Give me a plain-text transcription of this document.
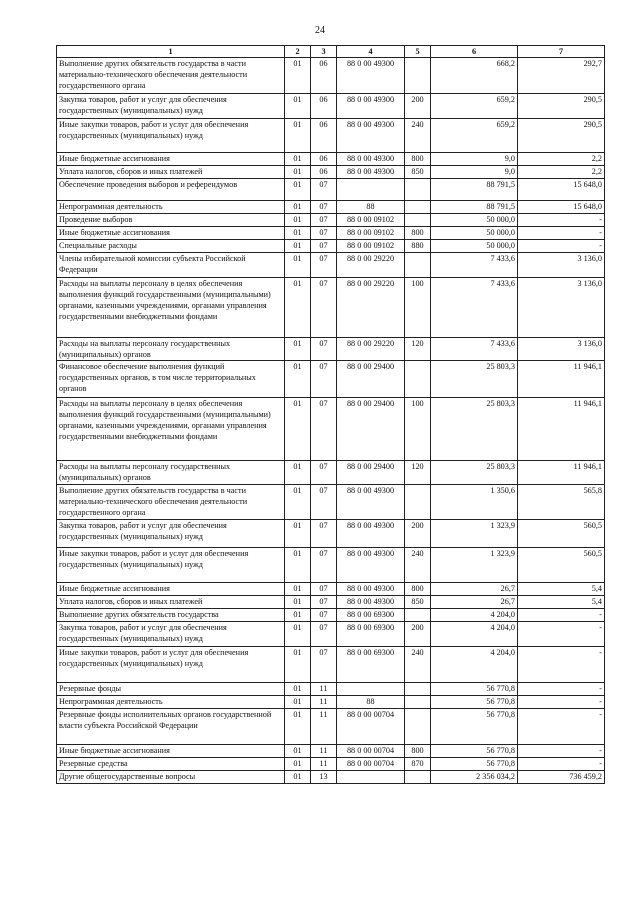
24
1	2	3	4	5	6	7
Выполнение других обязательств государства в части материально-технического обеспечения деятельности государственного органа	01	06	88 0 00 49300		668,2	292,7
Закупка товаров, работ и услуг для обеспечения государственных (муниципальных) нужд	01	06	88 0 00 49300	200	659,2	290,5
Иные закупки товаров, работ и услуг для обеспечения государственных (муниципальных) нужд	01	06	88 0 00 49300	240	659,2	290,5
Иные бюджетные ассигнования	01	06	88 0 00 49300	800	9,0	2,2
Уплата налогов, сборов и иных платежей	01	06	88 0 00 49300	850	9,0	2,2
Обеспечение проведения выборов и референдумов	01	07			88 791,5	15 648,0
Непрограммная деятельность	01	07	88		88 791,5	15 648,0
Проведение выборов	01	07	88 0 00 09102		50 000,0	-
Иные бюджетные ассигнования	01	07	88 0 00 09102	800	50 000,0	-
Специальные расходы	01	07	88 0 00 09102	880	50 000,0	-
Члены избирательной комиссии субъекта Российской Федерации	01	07	88 0 00 29220		7 433,6	3 136,0
Расходы на выплаты персоналу в целях обеспечения выполнения функций государственными (муниципальными) органами, казенными учреждениями, органами управления государственными внебюджетными фондами	01	07	88 0 00 29220	100	7 433,6	3 136,0
Расходы на выплаты персоналу государственных (муниципальных) органов	01	07	88 0 00 29220	120	7 433,6	3 136,0
Финансовое обеспечение выполнения функций государственных органов, в том числе территориальных органов	01	07	88 0 00 29400		25 803,3	11 946,1
Расходы на выплаты персоналу в целях обеспечения выполнения функций государственными (муниципальными) органами, казенными учреждениями, органами управления государственными внебюджетными фондами	01	07	88 0 00 29400	100	25 803,3	11 946,1
Расходы на выплаты персоналу государственных (муниципальных) органов	01	07	88 0 00 29400	120	25 803,3	11 946,1
Выполнение других обязательств государства в части материально-технического обеспечения деятельности государственного органа	01	07	88 0 00 49300		1 350,6	565,8
Закупка товаров, работ и услуг для обеспечения государственных (муниципальных) нужд	01	07	88 0 00 49300	200	1 323,9	560,5
Иные закупки товаров, работ и услуг для обеспечения государственных (муниципальных) нужд	01	07	88 0 00 49300	240	1 323,9	560,5
Иные бюджетные ассигнования	01	07	88 0 00 49300	800	26,7	5,4
Уплата налогов, сборов и иных платежей	01	07	88 0 00 49300	850	26,7	5,4
Выполнение других обязательств государства	01	07	88 0 00 69300		4 204,0	-
Закупка товаров, работ и услуг для обеспечения государственных (муниципальных) нужд	01	07	88 0 00 69300	200	4 204,0	-
Иные закупки товаров, работ и услуг для обеспечения государственных (муниципальных) нужд	01	07	88 0 00 69300	240	4 204,0	-
Резервные фонды	01	11			56 770,8	-
Непрограммная деятельность	01	11	88		56 770,8	-
Резервные фонды исполнительных органов государственной власти субъекта Российской Федерации	01	11	88 0 00 00704		56 770,8	-
Иные бюджетные ассигнования	01	11	88 0 00 00704	800	56 770,8	-
Резервные средства	01	11	88 0 00 00704	870	56 770,8	-
Другие общегосударственные вопросы	01	13			2 356 034,2	736 459,2
